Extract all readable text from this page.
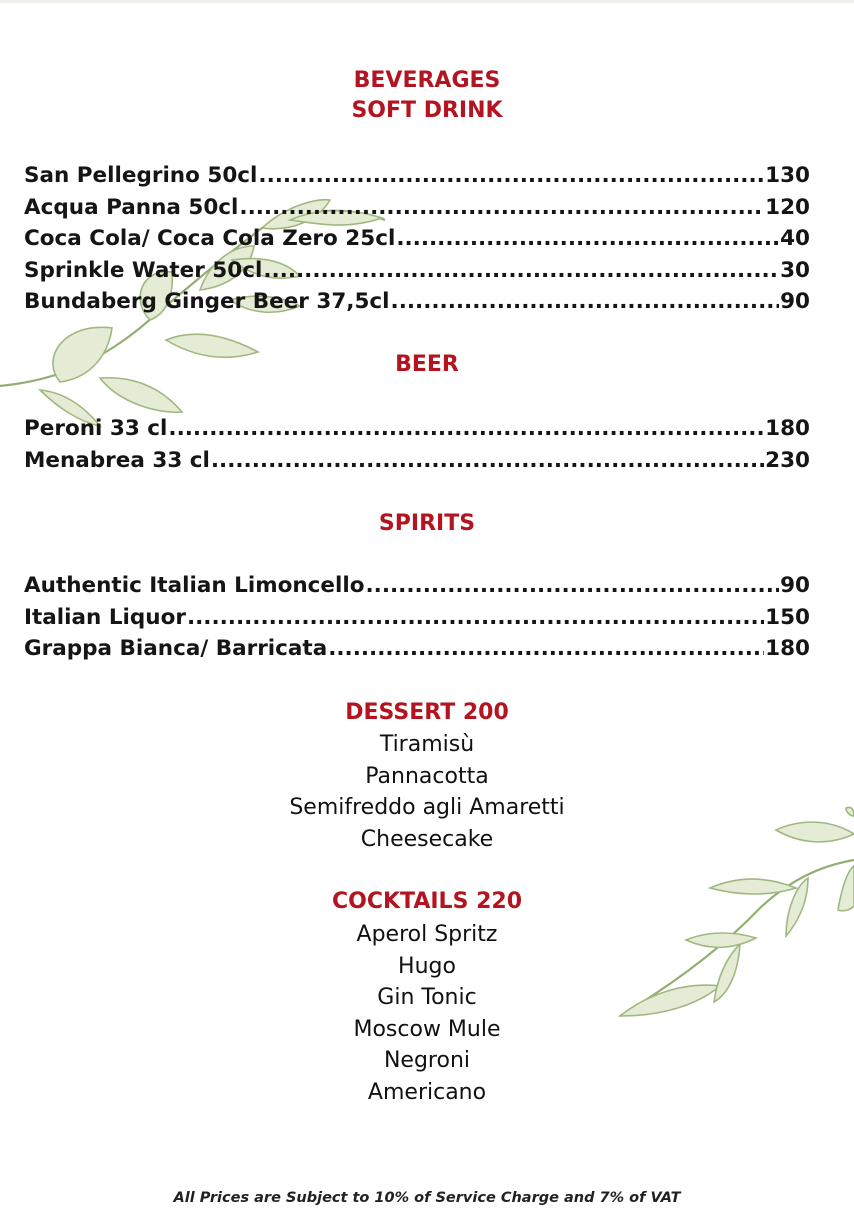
BEVERAGES
SOFT DRINK
San Pellegrino 50cl .....	130
Acqua Panna 50cl .....	120
Coca Cola/ Coca Cola Zero 25cl .....	40
Sprinkle Water 50cl .....	30
Bundaberg Ginger Beer 37,5cl .....	90
BEER
Peroni 33 cl .....	180
Menabrea 33 cl .....	230
SPIRITS
Authentic Italian Limoncello .....	90
Italian Liquor .....	150
Grappa Bianca/ Barricata .....	180
DESSERT 200
Tiramisù
Pannacotta
Semifreddo agli Amaretti
Cheesecake
COCKTAILS 220
Aperol Spritz
Hugo
Gin Tonic
Moscow Mule
Negroni
Americano
All Prices are Subject to 10% of Service Charge and 7% of VAT
